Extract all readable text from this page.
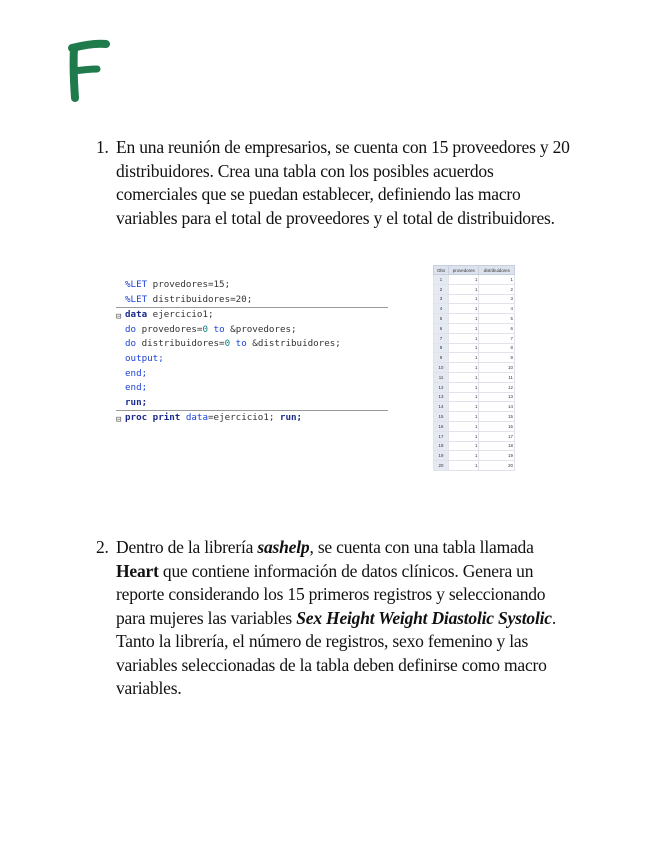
1. En una reunión de empresarios, se cuenta con 15 proveedores y 20 distribuidores. Crea una tabla con los posibles acuerdos comerciales que se puedan establecer, definiendo las macro variables para el total de proveedores y el total de distribuidores.
%LET provedores=15;
%LET distribuidores=20;
⊟ data ejercicio1;
do provedores=0 to &provedores;
do distribuidores=0 to &distribuidores;
output;
end;
end;
run;
⊟ proc print data=ejercicio1; run;
Obs	provedores	distribuidores
1	1	1
2	1	2
3	1	3
4	1	4
5	1	5
6	1	6
7	1	7
8	1	8
9	1	9
10	1	10
11	1	11
12	1	12
13	1	13
14	1	14
15	1	15
16	1	16
17	1	17
18	1	18
19	1	19
20	1	20
2. Dentro de la librería sashelp, se cuenta con una tabla llamada Heart que contiene información de datos clínicos. Genera un reporte considerando los 15 primeros registros y seleccionando para mujeres las variables Sex Height Weight Diastolic Systolic. Tanto la librería, el número de registros, sexo femenino y las variables seleccionadas de la tabla deben definirse como macro variables.
